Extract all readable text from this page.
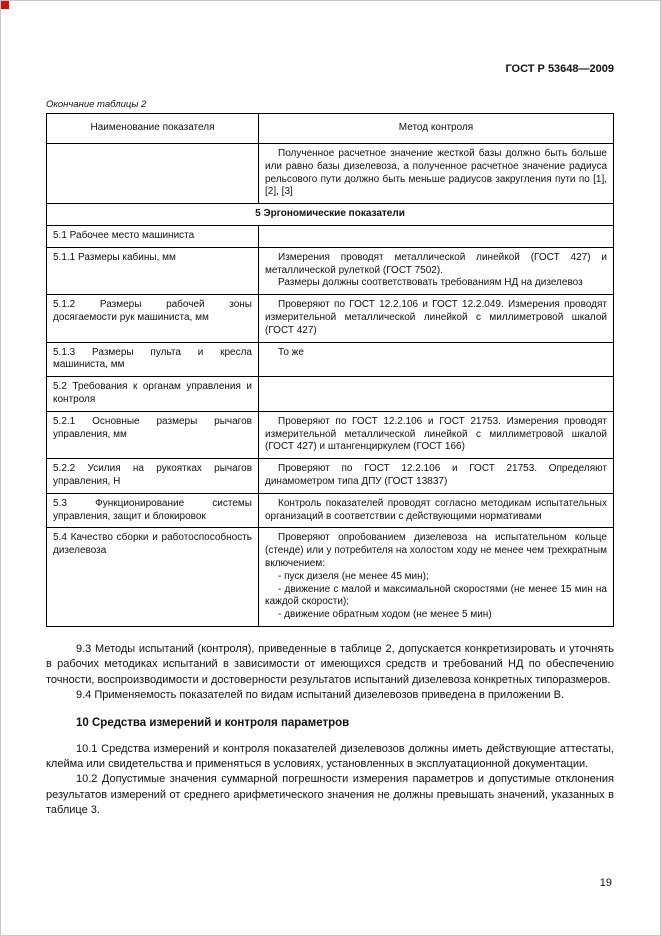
ГОСТ Р 53648—2009
Окончание таблицы 2
Наименование показателя	Метод контроля

	Полученное расчетное значение жесткой базы должно быть больше или равно базы дизелевоза, а полученное расчетное значение радиуса рельсового пути должно быть меньше радиусов закругления пути по [1], [2], [3]

5 Эргономические показатели	
5.1 Рабочее место машиниста	
5.1.1 Размеры кабины, мм	Измерения проводят металлической линейкой (ГОСТ 427) и металлической рулеткой (ГОСТ 7502).

Размеры должны соответствовать требованиям НД на дизелевоз

5.1.2 Размеры рабочей зоны досягаемости рук машиниста, мм	Проверяют по ГОСТ 12.2.106 и ГОСТ 12.2.049. Измерения проводят измерительной металлической линейкой с миллиметровой шкалой (ГОСТ 427)

5.1.3 Размеры пульта и кресла машиниста, мм	То же

5.2 Требования к органам управления и контроля	
5.2.1 Основные размеры рычагов управления, мм	Проверяют по ГОСТ 12.2.106 и ГОСТ 21753. Измерения проводят измерительной металлической линейкой с миллиметровой шкалой (ГОСТ 427) и штангенциркулем (ГОСТ 166)

5.2.2 Усилия на рукоятках рычагов управления, Н	Проверяют по ГОСТ 12.2.106 и ГОСТ 21753. Определяют динамометром типа ДПУ (ГОСТ 13837)

5.3 Функционирование системы управления, защит и блокировок	Контроль показателей проводят согласно методикам испытательных организаций в соответствии с действующими нормативами

5.4 Качество сборки и работоспособность дизелевоза	Проверяют опробованием дизелевоза на испытательном кольце (стенде) или у потребителя на холостом ходу не менее чем трехкратным включением:

- пуск дизеля (не менее 45 мин);

- движение с малой и максимальной скоростями (не менее 15 мин на каждой скорости);

- движение обратным ходом (не менее 5 мин)

9.3 Методы испытаний (контроля), приведенные в таблице 2, допускается конкретизировать и уточнять в рабочих методиках испытаний в зависимости от имеющихся средств и требований НД по обеспечению точности, воспроизводимости и достоверности результатов испытаний дизелевоза конкретных типоразмеров.

9.4 Применяемость показателей по видам испытаний дизелевозов приведена в приложении В.

10 Средства измерений и контроля параметров

10.1 Средства измерений и контроля показателей дизелевозов должны иметь действующие аттестаты, клейма или свидетельства и применяться в условиях, установленных в эксплуатационной документации.

10.2 Допустимые значения суммарной погрешности измерения параметров и допустимые отклонения результатов измерений от среднего арифметического значения не должны превышать значений, указанных в таблице 3.

19
